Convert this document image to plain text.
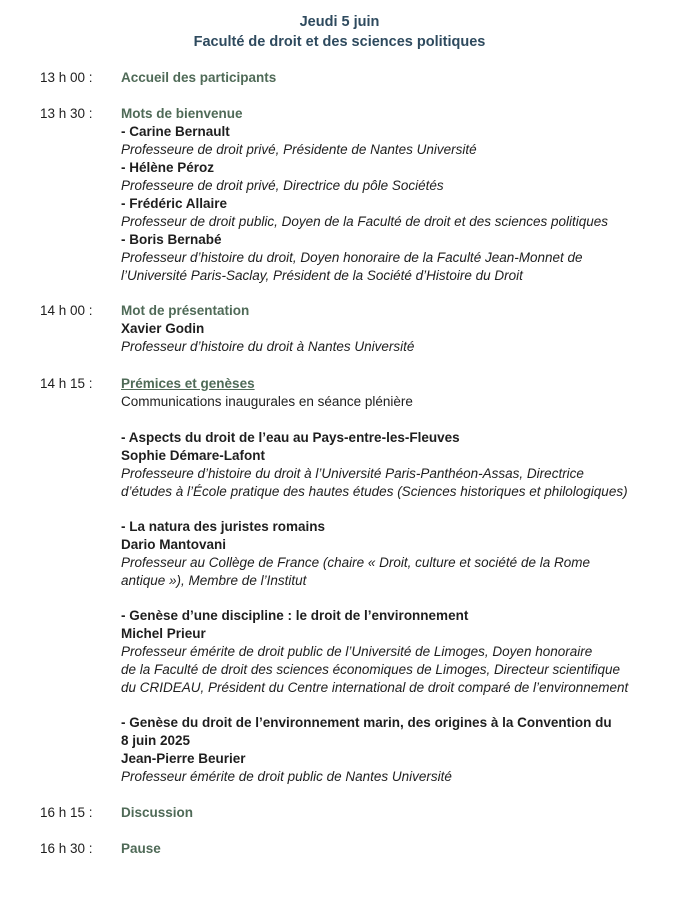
Jeudi 5 juin
Faculté de droit et des sciences politiques
13 h 00 : Accueil des participants
13 h 30 : Mots de bienvenue
- Carine Bernault
Professeure de droit privé, Présidente de Nantes Université
- Hélène Péroz
Professeure de droit privé, Directrice du pôle Sociétés
- Frédéric Allaire
Professeur de droit public, Doyen de la Faculté de droit et des sciences politiques
- Boris Bernabé
Professeur d’histoire du droit, Doyen honoraire de la Faculté Jean-Monnet de
l’Université Paris-Saclay, Président de la Société d’Histoire du Droit
14 h 00 : Mot de présentation
Xavier Godin
Professeur d’histoire du droit à Nantes Université
14 h 15 : Prémices et genèses
Communications inaugurales en séance plénière
- Aspects du droit de l’eau au Pays-entre-les-Fleuves
Sophie Démare-Lafont
Professeure d’histoire du droit à l’Université Paris-Panthéon-Assas, Directrice
d’études à l’École pratique des hautes études (Sciences historiques et philologiques)
- La natura des juristes romains
Dario Mantovani
Professeur au Collège de France (chaire « Droit, culture et société de la Rome
antique »), Membre de l’Institut
- Genèse d’une discipline : le droit de l’environnement
Michel Prieur
Professeur émérite de droit public de l’Université de Limoges, Doyen honoraire
de la Faculté de droit des sciences économiques de Limoges, Directeur scientifique
du CRIDEAU, Président du Centre international de droit comparé de l’environnement
- Genèse du droit de l’environnement marin, des origines à la Convention du
8 juin 2025
Jean-Pierre Beurier
Professeur émérite de droit public de Nantes Université
16 h 15 : Discussion
16 h 30 : Pause
